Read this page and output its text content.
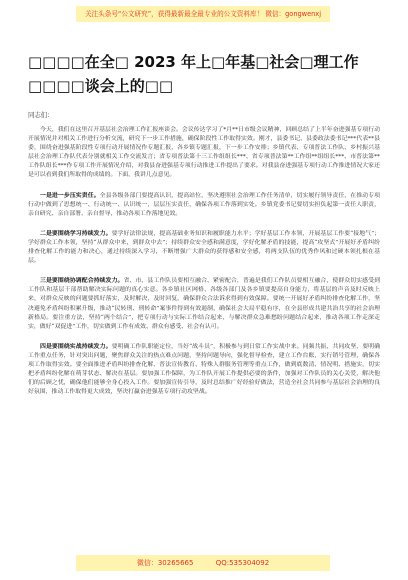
关注头条号“公文研究”，获得最新最全最专业的公文资料库！ 微信：gongwenxj
□□□□在全□ 2023 年上□年基□社会□理工作□□□□谈会上的□□
同志们：

今天，我们在这里召开基层社会治理工作汇报座谈会。会议传达学习了*月**日市级会议精神，回顾总结了上半年奋进强基专项行动开展情况并对相关工作进行分析交流，研究下一步工作措施，确保阶段性工作取得实效。刚才，县委书记、县委政法委书记***代表**县委，围绕奋进强基阶段性专项行动开展情况作专题汇报，各乡镇专题汇报，下一步工作安排；乡镇代表、专项普法工作队、乡村振兴基层社会治理工作队代表分别就相关工作交流发言；省专项普法第十三工作组组长***、省专项普法第**工作组**组组长***、市普法第**工作队组长***作专项工作开展情况介绍，对我县奋进强基专项行动推进工作提出了要求。对我县奋进强基专项行动工作推进情况大家还是可以看到我们所取得的成绩的。下面，我讲几点意见。

一是进一步压实责任。全县各级各部门要提高认识，提高站位，坚决遵照社会治理工作任务清单，切实履行领导责任，在推动专项行动中做到了思想统一、行动统一、认识统一，层层压实责任，确保各项工作落到实处。乡镇党委书记要切实担负起第一责任人职责，亲自研究、亲自部署、亲自督导，推动各项工作落地见效。

二是要围绕学习持续发力。要学好法律法规，提高基础业务知识和履职能力水平；学好基层工作本领，开展基层工作要“接地气”；学好群众工作本领，坚持“从群众中来，到群众中去”；持续群众安全感和满意度，学好化解矛盾的技能，提高“攻坚式”开展好矛盾纠纷排查化解工作的能力和决心，通过持续深入学习，不断增强广大群众的获得感和安全感，将两支队伍的优秀作风和过硬本领扎根在基层。

三是要围绕协调配合持续发力。省、市、县工作队员要相互融合、紧密配合，普遍是我们工作队员要相互融合，使群众切实感受到工作队和基层干部帮助解决实际问题的真心实意。各乡镇社区网格、各级各部门及各乡镇要提高自身能力，将基层的声音及时反映上来，对群众反映的问题要抓好落实，及时解决，及时回复，确保群众合法诉求得到有效保障。要统一开展好矛盾纠纷排查化解工作，坚决避免矛盾纠纷积累升级，推动“民转刑、刑转命”案事件得到有效遏制，确保社会大局平稳有序，在全县形成共建共治共享的社会治理新格局。要注重方法，坚持“两个结合”，把专项行动与实际工作结合起来，与解决群众急难愁盼问题结合起来，推动各项工作走深走实，做好“双促进”工作，切实做到工作有成效、群众有感受、社会有认可。

四是要围绕实战持续发力。要明确工作队职能定位，当好“战斗员”，积极参与到日常工作实战中来。同频共振、共同攻坚，要明确工作重点任务，针对突出问题，聚焦群众关注的热点难点问题，坚持问题导向，强化督导检查，建立工作台账，实行销号管理，确保各项工作取得实效。要全面推进矛盾纠纷排查化解、普法宣传教育、特殊人群服务管理等重点工作，做到底数清、情况明、措施实，切实把矛盾纠纷化解在萌芽状态、解决在基层。要加强工作保障，为工作队开展工作提供必要的条件，加强对工作队员的关心关爱，解决他们的后顾之忧，确保他们能够全身心投入工作。要加强宣传引导，及时总结推广好经验好做法，营造全社会共同参与基层社会治理的良好氛围，推动工作取得更大成效，坚决打赢奋进强基专项行动攻坚战。

微信：30265665	QQ:535304092
